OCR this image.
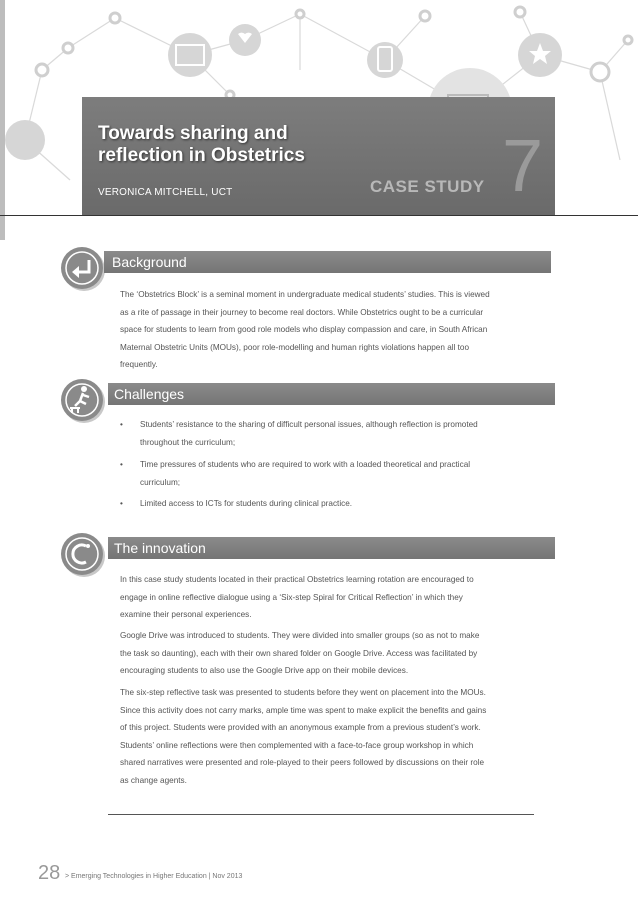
Towards sharing and
reflection in Obstetrics
VERONICA MITCHELL, UCT	CASE STUDY 7
Background
The ‘Obstetrics Block’ is a seminal moment in undergraduate medical students’ studies. This is viewed
as a rite of passage in their journey to become real doctors. While Obstetrics ought to be a curricular
space for students to learn from good role models who display compassion and care, in South African
Maternal Obstetric Units (MOUs), poor role-modelling and human rights violations happen all too
frequently.
Challenges
• Students’ resistance to the sharing of difficult personal issues, although reflection is promoted
throughout the curriculum;
• Time pressures of students who are required to work with a loaded theoretical and practical
curriculum;
• Limited access to ICTs for students during clinical practice.
The innovation
In this case study students located in their practical Obstetrics learning rotation are encouraged to
engage in online reflective dialogue using a ‘Six-step Spiral for Critical Reflection’ in which they
examine their personal experiences.
Google Drive was introduced to students. They were divided into smaller groups (so as not to make
the task so daunting), each with their own shared folder on Google Drive. Access was facilitated by
encouraging students to also use the Google Drive app on their mobile devices.
The six-step reflective task was presented to students before they went on placement into the MOUs.
Since this activity does not carry marks, ample time was spent to make explicit the benefits and gains
of this project. Students were provided with an anonymous example from a previous student’s work.
Students’ online reflections were then complemented with a face-to-face group workshop in which
shared narratives were presented and role-played to their peers followed by discussions on their role
as change agents.
28 > Emerging Technologies in Higher Education | Nov 2013
